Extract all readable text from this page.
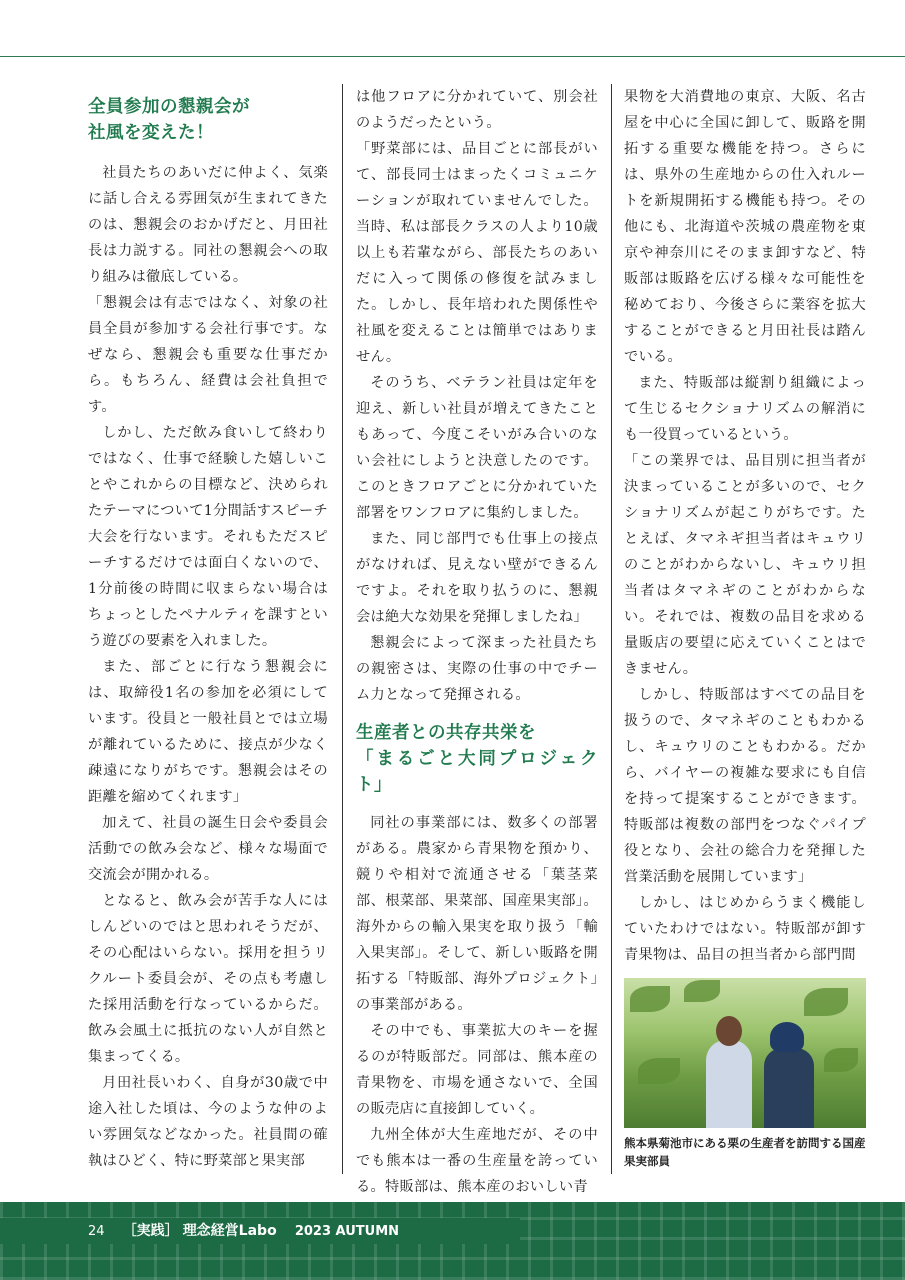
全員参加の懇親会が
社風を変えた！

社員たちのあいだに仲よく、気楽に話し合える雰囲気が生まれてきたのは、懇親会のおかげだと、月田社長は力説する。同社の懇親会への取り組みは徹底している。

「懇親会は有志ではなく、対象の社員全員が参加する会社行事です。なぜなら、懇親会も重要な仕事だから。もちろん、経費は会社負担です。

しかし、ただ飲み食いして終わりではなく、仕事で経験した嬉しいことやこれからの目標など、決められたテーマについて1分間話すスピーチ大会を行ないます。それもただスピーチするだけでは面白くないので、1分前後の時間に収まらない場合はちょっとしたペナルティを課すという遊びの要素を入れました。

また、部ごとに行なう懇親会には、取締役1名の参加を必須にしています。役員と一般社員とでは立場が離れているために、接点が少なく疎遠になりがちです。懇親会はその距離を縮めてくれます」

加えて、社員の誕生日会や委員会活動での飲み会など、様々な場面で交流会が開かれる。

となると、飲み会が苦手な人にはしんどいのではと思われそうだが、その心配はいらない。採用を担うリクルート委員会が、その点も考慮した採用活動を行なっているからだ。飲み会風土に抵抗のない人が自然と集まってくる。

月田社長いわく、自身が30歳で中途入社した頃は、今のような仲のよい雰囲気などなかった。社員間の確執はひどく、特に野菜部と果実部

は他フロアに分かれていて、別会社のようだったという。

「野菜部には、品目ごとに部長がいて、部長同士はまったくコミュニケーションが取れていませんでした。当時、私は部長クラスの人より10歳以上も若輩ながら、部長たちのあいだに入って関係の修復を試みました。しかし、長年培われた関係性や社風を変えることは簡単ではありません。

そのうち、ベテラン社員は定年を迎え、新しい社員が増えてきたこともあって、今度こそいがみ合いのない会社にしようと決意したのです。このときフロアごとに分かれていた部署をワンフロアに集約しました。

また、同じ部門でも仕事上の接点がなければ、見えない壁ができるんですよ。それを取り払うのに、懇親会は絶大な効果を発揮しましたね」

懇親会によって深まった社員たちの親密さは、実際の仕事の中でチーム力となって発揮される。

生産者との共存共栄を
「まるごと大同プロジェクト」

同社の事業部には、数多くの部署がある。農家から青果物を預かり、競りや相対で流通させる「葉茎菜部、根菜部、果菜部、国産果実部」。海外からの輸入果実を取り扱う「輸入果実部」。そして、新しい販路を開拓する「特販部、海外プロジェクト」の事業部がある。

その中でも、事業拡大のキーを握るのが特販部だ。同部は、熊本産の青果物を、市場を通さないで、全国の販売店に直接卸していく。

九州全体が大生産地だが、その中でも熊本は一番の生産量を誇っている。特販部は、熊本産のおいしい青

果物を大消費地の東京、大阪、名古屋を中心に全国に卸して、販路を開拓する重要な機能を持つ。さらには、県外の生産地からの仕入れルートを新規開拓する機能も持つ。その他にも、北海道や茨城の農産物を東京や神奈川にそのまま卸すなど、特販部は販路を広げる様々な可能性を秘めており、今後さらに業容を拡大することができると月田社長は踏んでいる。

また、特販部は縦割り組織によって生じるセクショナリズムの解消にも一役買っているという。

「この業界では、品目別に担当者が決まっていることが多いので、セクショナリズムが起こりがちです。たとえば、タマネギ担当者はキュウリのことがわからないし、キュウリ担当者はタマネギのことがわからない。それでは、複数の品目を求める量販店の要望に応えていくことはできません。

しかし、特販部はすべての品目を扱うので、タマネギのこともわかるし、キュウリのこともわかる。だから、バイヤーの複雑な要求にも自信を持って提案することができます。特販部は複数の部門をつなぐパイプ役となり、会社の総合力を発揮した営業活動を展開しています」

しかし、はじめからうまく機能していたわけではない。特販部が卸す青果物は、品目の担当者から部門間

熊本県菊池市にある栗の生産者を訪問する国産果実部員
24 ［実践］ 理念経営Labo 2023 AUTUMN
